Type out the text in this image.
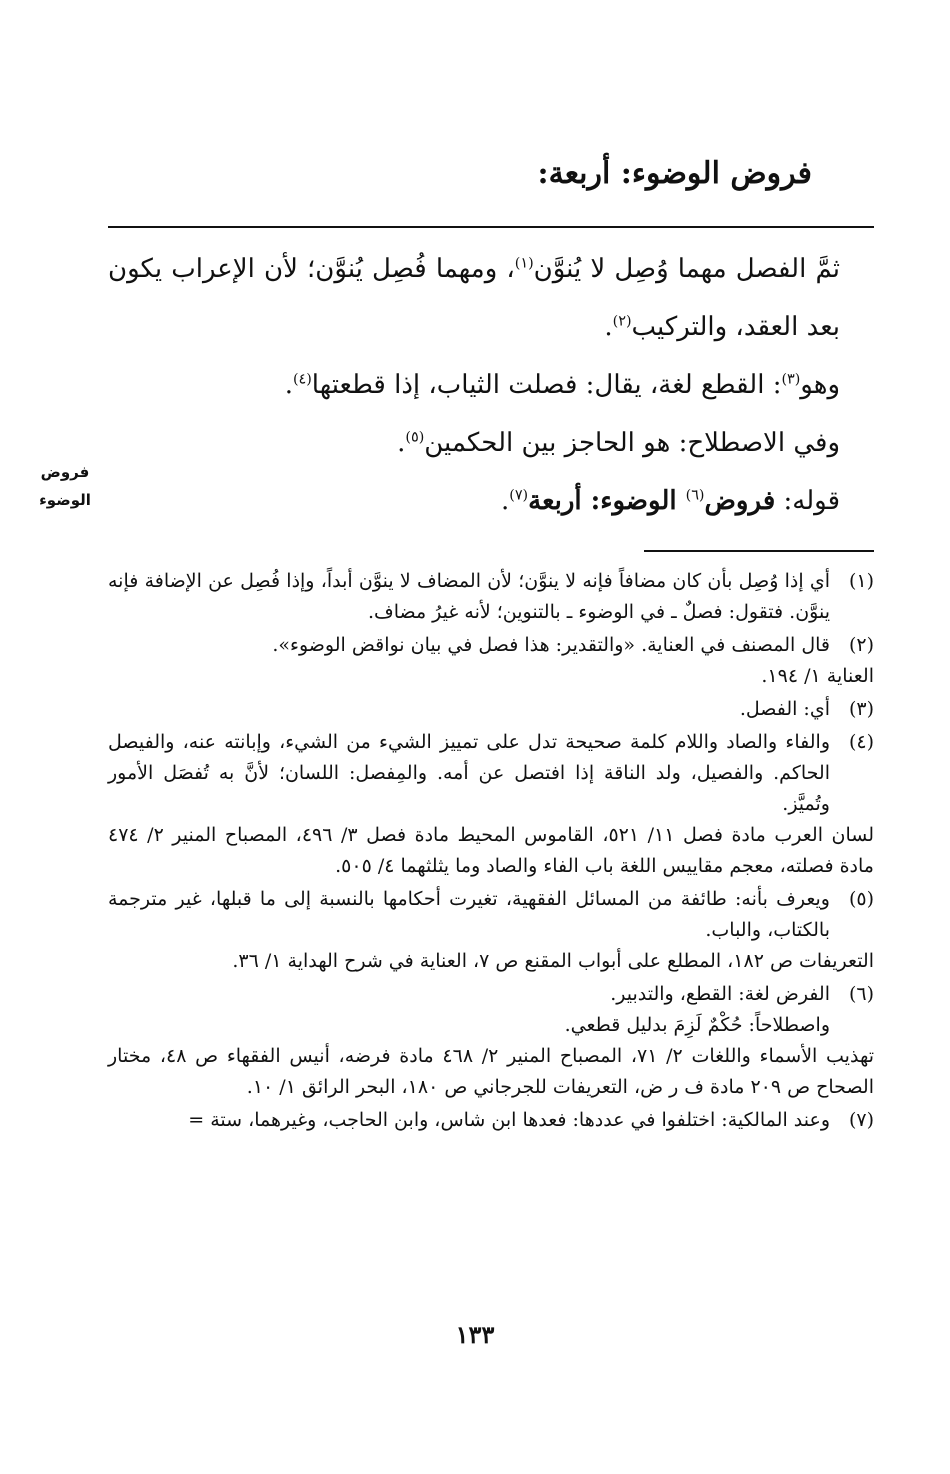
فروض الوضوء: أربعة:

ثمَّ الفصل مهما وُصِل لا يُنوَّن$^{(١)}$، ومهما فُصِل يُنوَّن؛ لأن الإعراب يكون بعد العقد، والتركيب$^{(٢)}$.

وهو$^{(٣)}$: القطع لغة، يقال: فصلت الثياب، إذا قطعتها$^{(٤)}$.

وفي الاصطلاح: هو الحاجز بين الحكمين$^{(٥)}$.

قوله: فروض$^{(٦)}$ الوضوء: أربعة$^{(٧)}$.

فروض
الوضوء
(١)

أي إذا وُصِل بأن كان مضافاً فإنه لا ينوَّن؛ لأن المضاف لا ينوَّن أبداً، وإذا فُصِل عن الإضافة فإنه ينوَّن. فتقول: فصلٌ ـ في الوضوء ـ بالتنوين؛ لأنه غيرُ مضاف.

(٢)

قال المصنف في العناية. «والتقدير: هذا فصل في بيان نواقض الوضوء».

العناية ١/ ١٩٤.

(٣)

أي: الفصل.

(٤)

والفاء والصاد واللام كلمة صحيحة تدل على تمييز الشيء من الشيء، وإبانته عنه، والفيصل الحاكم. والفصيل، ولد الناقة إذا افتصل عن أمه. والمِفصل: اللسان؛ لأنَّ به تُفصَل الأمور وتُميَّز.

لسان العرب مادة فصل ١١/ ٥٢١، القاموس المحيط مادة فصل ٣/ ٤٩٦، المصباح المنير ٢/ ٤٧٤ مادة فصلته، معجم مقاييس اللغة باب الفاء والصاد وما يثلثهما ٤/ ٥٠٥.

(٥)

ويعرف بأنه: طائفة من المسائل الفقهية، تغيرت أحكامها بالنسبة إلى ما قبلها، غير مترجمة بالكتاب، والباب.

التعريفات ص ١٨٢، المطلع على أبواب المقنع ص ٧، العناية في شرح الهداية ١/ ٣٦.

(٦)

الفرض لغة: القطع، والتدبير.

واصطلاحاً: حُكْمٌ لَزِمَ بدليل قطعي.

تهذيب الأسماء واللغات ٢/ ٧١، المصباح المنير ٢/ ٤٦٨ مادة فرضه، أنيس الفقهاء ص ٤٨، مختار الصحاح ص ٢٠٩ مادة ف ر ض، التعريفات للجرجاني ص ١٨٠، البحر الرائق ١/ ١٠.

(٧)

وعند المالكية: اختلفوا في عددها: فعدها ابن شاس، وابن الحاجب، وغيرهما، ستة =

١٣٣
